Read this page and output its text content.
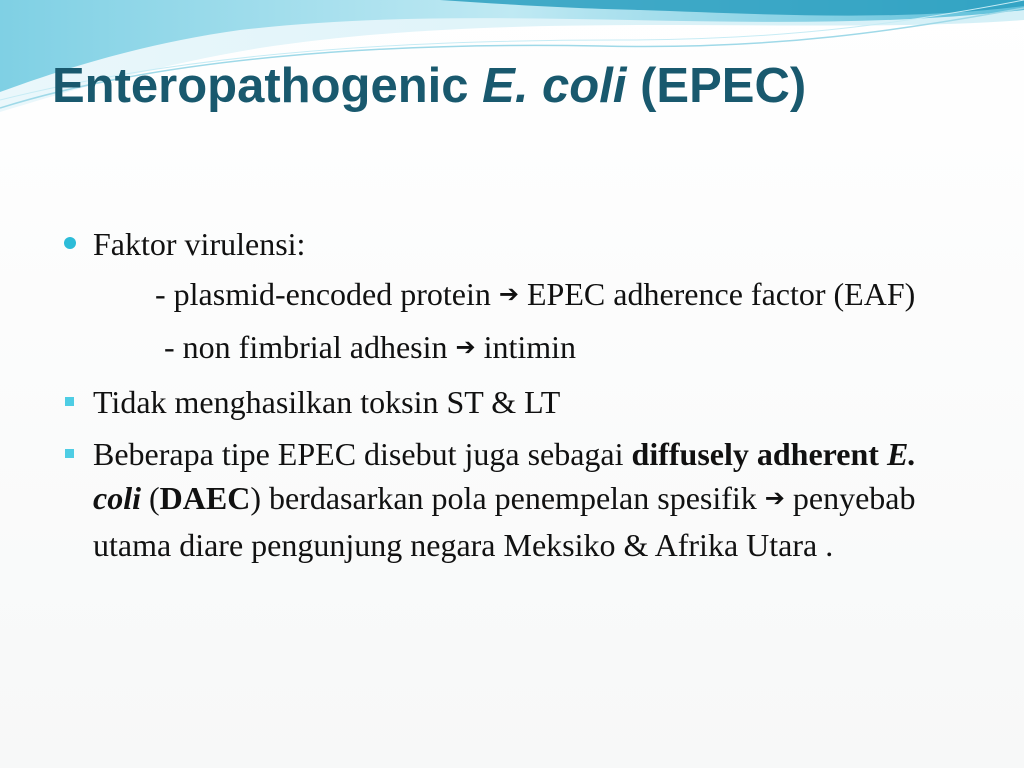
Enteropathogenic E. coli (EPEC)
Faktor virulensi:
- plasmid-encoded protein ➔ EPEC adherence factor (EAF)
- non fimbrial adhesin ➔ intimin
Tidak menghasilkan toksin ST & LT
Beberapa tipe EPEC disebut juga sebagai diffusely adherent E. coli (DAEC) berdasarkan pola penempelan spesifik ➔ penyebab utama diare pengunjung negara Meksiko & Afrika Utara .
